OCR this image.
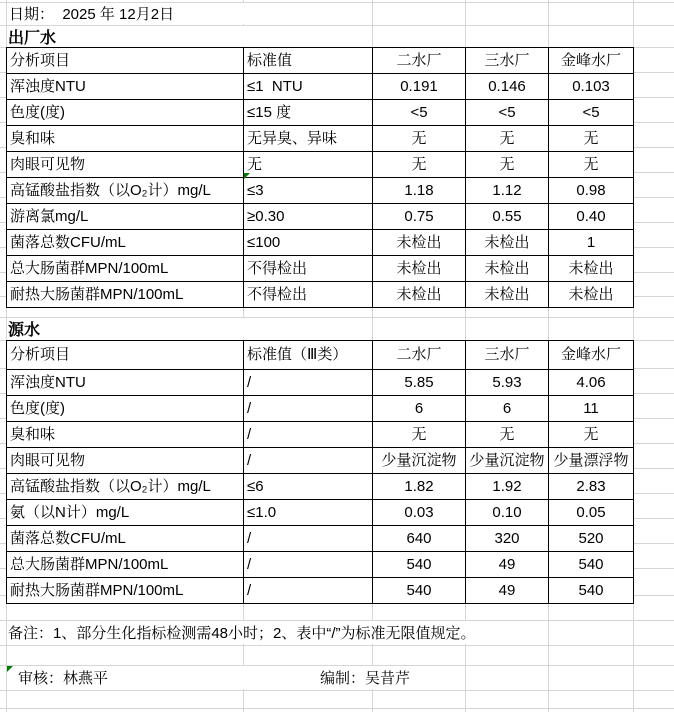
日期：  2025 年 12月2日
出厂水
分析项目	标准值	二水厂	三水厂	金峰水厂
浑浊度NTU	≤1  NTU	0.191	0.146	0.103
色度(度)	≤15 度	<5	<5	<5
臭和味	无异臭、异味	无	无	无
肉眼可见物	无	无	无	无
高锰酸盐指数（以O₂计）mg/L	≤3	1.18	1.12	0.98
游离氯mg/L	≥0.30	0.75	0.55	0.40
菌落总数CFU/mL	≤100	未检出	未检出	1
总大肠菌群MPN/100mL	不得检出	未检出	未检出	未检出
耐热大肠菌群MPN/100mL	不得检出	未检出	未检出	未检出
源水
分析项目	标准值（Ⅲ类）	二水厂	三水厂	金峰水厂
浑浊度NTU	/	5.85	5.93	4.06
色度(度)	/	6	6	11
臭和味	/	无	无	无
肉眼可见物	/	少量沉淀物	少量沉淀物	少量漂浮物
高锰酸盐指数（以O₂计）mg/L	≤6	1.82	1.92	2.83
氨（以N计）mg/L	≤1.0	0.03	0.10	0.05
菌落总数CFU/mL	/	640	320	520
总大肠菌群MPN/100mL	/	540	49	540
耐热大肠菌群MPN/100mL	/	540	49	540
备注：1、部分生化指标检测需48小时；2、表中“/”为标准无限值规定。
审核：林燕平	编制：吴昔芹
